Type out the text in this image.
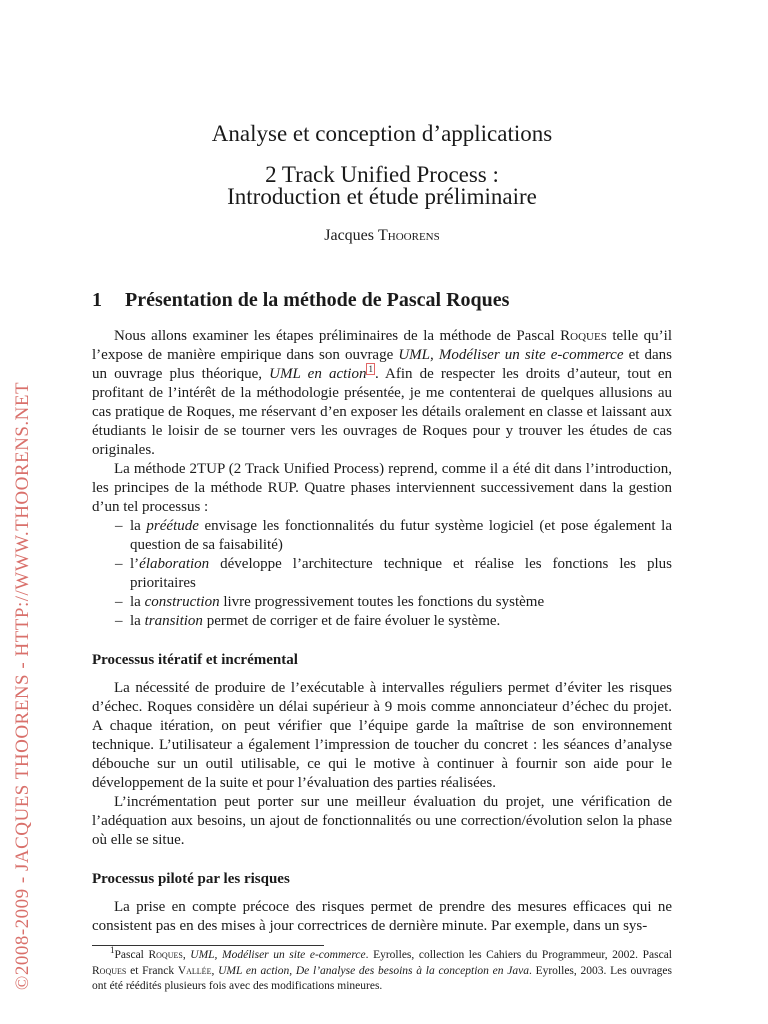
©2008-2009 - JACQUES THOORENS - HTTP://WWW.THOORENS.NET
Analyse et conception d’applications
2 Track Unified Process :
Introduction et étude préliminaire
Jacques Thoorens
1 Présentation de la méthode de Pascal Roques

Nous allons examiner les étapes préliminaires de la méthode de Pascal Roques telle qu’il l’expose de manière empirique dans son ouvrage UML, Modéliser un site e-commerce et dans un ouvrage plus théorique, UML en action $^1$ . Afin de respecter les droits d’auteur, tout en profitant de l’intérêt de la méthodologie présentée, je me contenterai de quelques allusions au cas pratique de Roques, me réservant d’en exposer les détails oralement en classe et laissant aux étudiants le loisir de se tourner vers les ouvrages de Roques pour y trouver les études de cas originales.

La méthode 2TUP (2 Track Unified Process) reprend, comme il a été dit dans l’introduction, les principes de la méthode RUP. Quatre phases interviennent successivement dans la gestion d’un tel processus :

– la préétude envisage les fonctionnalités du futur système logiciel (et pose également la question de sa faisabilité)
– l’élaboration développe l’architecture technique et réalise les fonctions les plus prioritaires
– la construction livre progressivement toutes les fonctions du système
– la transition permet de corriger et de faire évoluer le système.
Processus itératif et incrémental

La nécessité de produire de l’exécutable à intervalles réguliers permet d’éviter les risques d’échec. Roques considère un délai supérieur à 9 mois comme annonciateur d’échec du projet. A chaque itération, on peut vérifier que l’équipe garde la maîtrise de son environnement technique. L’utilisateur a également l’impression de toucher du concret : les séances d’analyse débouche sur un outil utilisable, ce qui le motive à continuer à fournir son aide pour le développement de la suite et pour l’évaluation des parties réalisées.

L’incrémentation peut porter sur une meilleur évaluation du projet, une vérification de l’adéquation aux besoins, un ajout de fonctionnalités ou une correction/évolution selon la phase où elle se situe.

Processus piloté par les risques

La prise en compte précoce des risques permet de prendre des mesures efficaces qui ne consistent pas en des mises à jour correctrices de dernière minute. Par exemple, dans un sys-

$^1$Pascal Roques, UML, Modéliser un site e-commerce. Eyrolles, collection les Cahiers du Programmeur, 2002. Pascal Roques et Franck Vallée, UML en action, De l’analyse des besoins à la conception en Java. Eyrolles, 2003. Les ouvrages ont été réédités plusieurs fois avec des modifications mineures.
